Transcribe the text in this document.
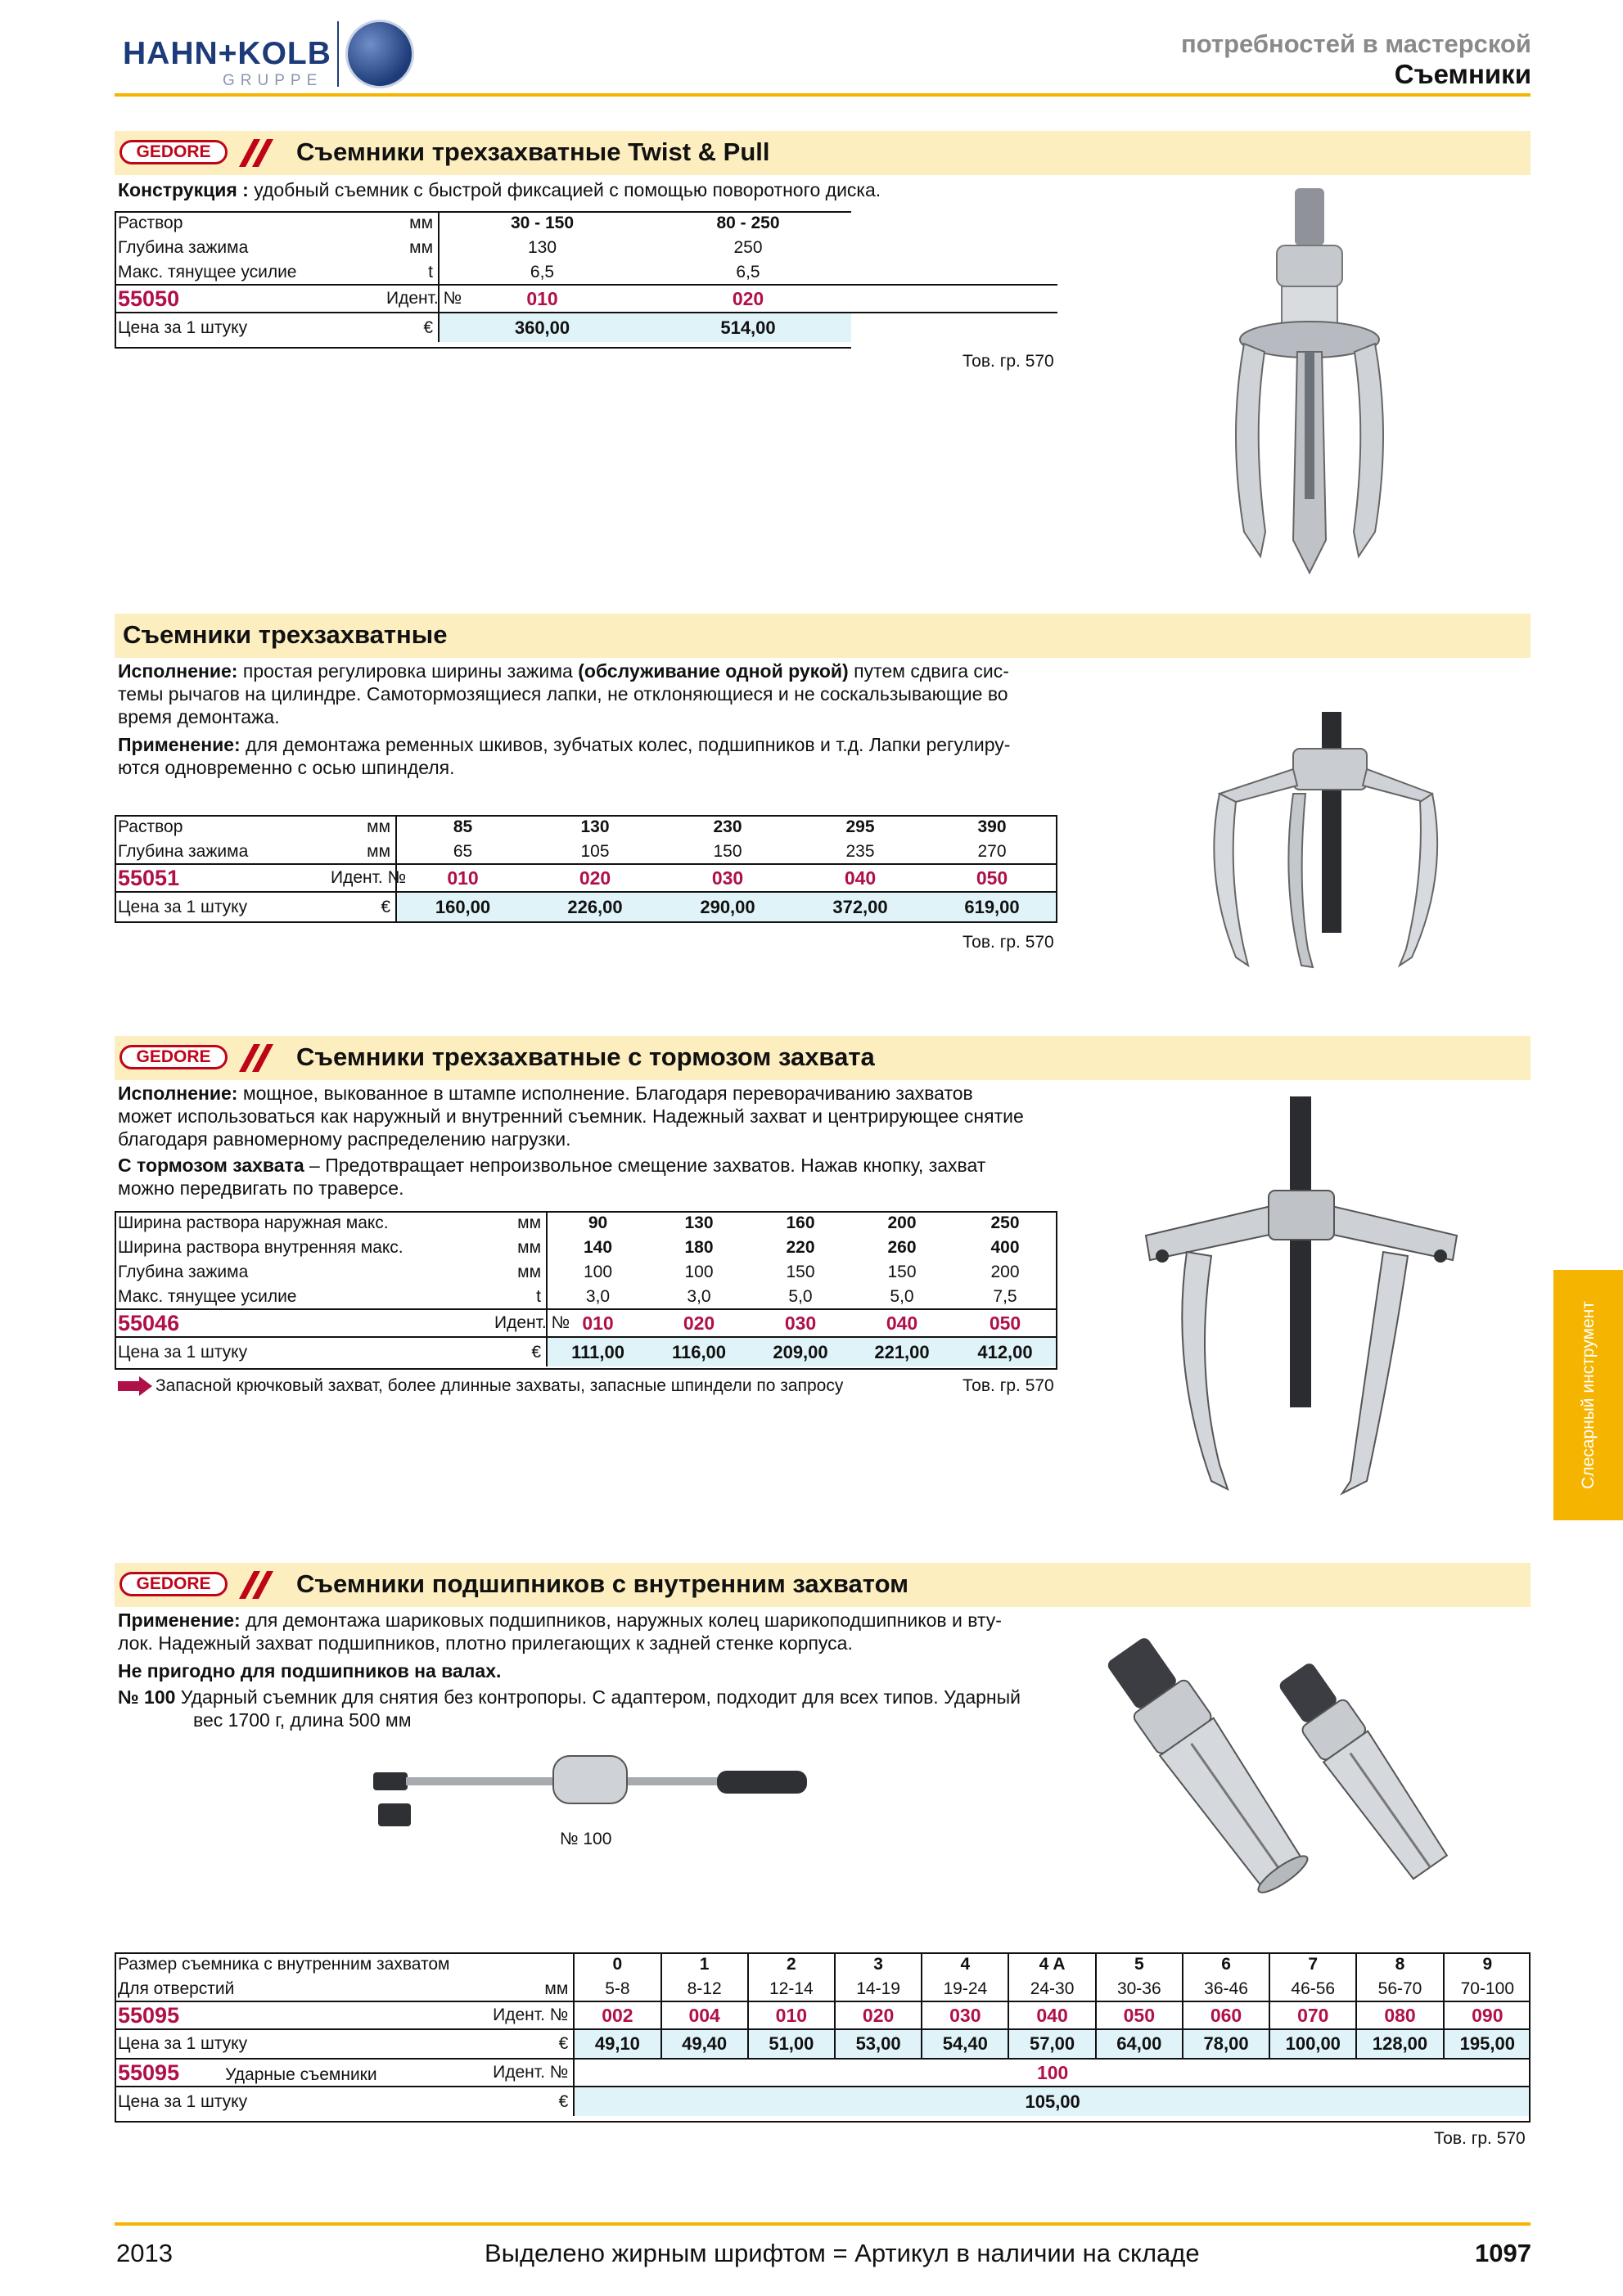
HAHN+KOLB
GRUPPE
потребностей в мастерской
Съемники
GEDORE	Съемники трехзахватные Twist & Pull
Конструкция : удобный съемник с быстрой фиксацией с помощью поворотного диска.
Раствор	мм	30 - 150	80 - 250	
Глубина зажима	мм	130	250	
Макс. тянущее усилие	t	6,5	6,5	
55050	Идент. №	010	020	
Цена за 1 штуку	€	360,00	514,00	
Тов. гр. 570
Съемники трехзахватные
Исполнение: простая регулировка ширины зажима (обслуживание одной рукой) путем сдвига сис-
темы рычагов на цилиндре. Самотормозящиеся лапки, не отклоняющиеся и не соскальзывающие во
время демонтажа.
Применение: для демонтажа ременных шкивов, зубчатых колес, подшипников и т.д. Лапки регулиру-
ются одновременно с осью шпинделя.
Раствор	мм	85	130	230	295	390
Глубина зажима	мм	65	105	150	235	270
55051	Идент. №	010	020	030	040	050
Цена за 1 штуку	€	160,00	226,00	290,00	372,00	619,00
Тов. гр. 570
GEDORE	Съемники трехзахватные с тормозом захвата
Исполнение: мощное, выкованное в штампе исполнение. Благодаря переворачиванию захватов
может использоваться как наружный и внутренний съемник. Надежный захват и центрирующее снятие
благодаря равномерному распределению нагрузки.
С тормозом захвата – Предотвращает непроизвольное смещение захватов. Нажав кнопку, захват
можно передвигать по траверсе.
Ширина раствора наружная макс.	мм	90	130	160	200	250
Ширина раствора внутренняя макс.	мм	140	180	220	260	400
Глубина зажима	мм	100	100	150	150	200
Макс. тянущее усилие	t	3,0	3,0	5,0	5,0	7,5
55046	Идент. №	010	020	030	040	050
Цена за 1 штуку	€	111,00	116,00	209,00	221,00	412,00
Запасной крючковый захват, более длинные захваты, запасные шпиндели по запросу	Тов. гр. 570
GEDORE	Съемники подшипников с внутренним захватом
Применение: для демонтажа шариковых подшипников, наружных колец шарикоподшипников и вту-
лок. Надежный захват подшипников, плотно прилегающих к задней стенке корпуса.
Не пригодно для подшипников на валах.
№ 100 Ударный съемник для снятия без контропоры. С адаптером, подходит для всех типов. Ударный
вес 1700 г, длина 500 мм
№ 100
Размер съемника с внутренним захватом		0	1	2	3	4	4 A	5	6	7	8	9
Для отверстий	мм	5-8	8-12	12-14	14-19	19-24	24-30	30-36	36-46	46-56	56-70	70-100
55095	Идент. №	002	004	010	020	030	040	050	060	070	080	090
Цена за 1 штуку	€	49,10	49,40	51,00	53,00	54,40	57,00	64,00	78,00	100,00	128,00	195,00
55095 Ударные съемники	Идент. №	100										
Цена за 1 штуку	€	105,00										
Тов. гр. 570
Слесарный инструмент
2013	Выделено жирным шрифтом = Артикул в наличии на складе	1097
